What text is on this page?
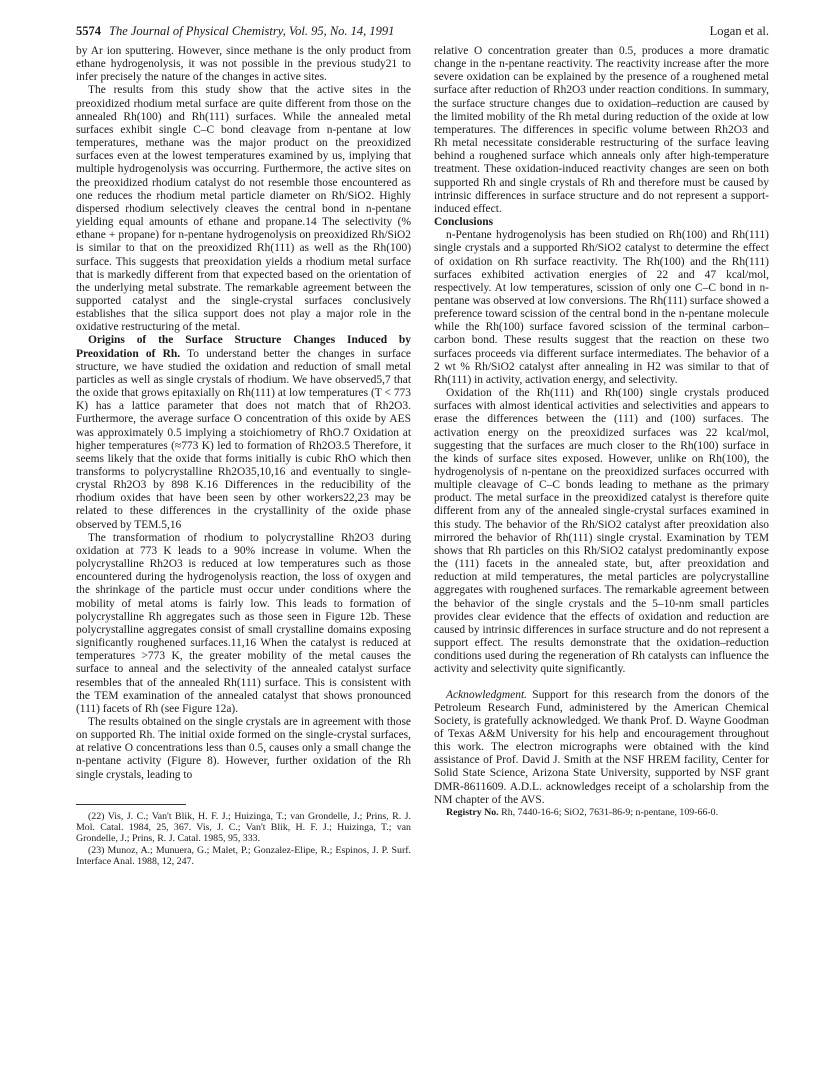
5574 The Journal of Physical Chemistry, Vol. 95, No. 14, 1991	Logan et al.

by Ar ion sputtering. However, since methane is the only product from ethane hydrogenolysis, it was not possible in the previous study21 to infer precisely the nature of the changes in active sites.

The results from this study show that the active sites in the preoxidized rhodium metal surface are quite different from those on the annealed Rh(100) and Rh(111) surfaces. While the annealed metal surfaces exhibit single C–C bond cleavage from n-pentane at low temperatures, methane was the major product on the preoxidized surfaces even at the lowest temperatures examined by us, implying that multiple hydrogenolysis was occurring. Furthermore, the active sites on the preoxidized rhodium catalyst do not resemble those encountered as one reduces the rhodium metal particle diameter on Rh/SiO2. Highly dispersed rhodium selectively cleaves the central bond in n-pentane yielding equal amounts of ethane and propane.14 The selectivity (% ethane + propane) for n-pentane hydrogenolysis on preoxidized Rh/SiO2 is similar to that on the preoxidized Rh(111) as well as the Rh(100) surface. This suggests that preoxidation yields a rhodium metal surface that is markedly different from that expected based on the orientation of the underlying metal substrate. The remarkable agreement between the supported catalyst and the single-crystal surfaces conclusively establishes that the silica support does not play a major role in the oxidative restructuring of the metal.

Origins of the Surface Structure Changes Induced by Preoxidation of Rh. To understand better the changes in surface structure, we have studied the oxidation and reduction of small metal particles as well as single crystals of rhodium. We have observed5,7 that the oxide that grows epitaxially on Rh(111) at low temperatures (T < 773 K) has a lattice parameter that does not match that of Rh2O3. Furthermore, the average surface O concentration of this oxide by AES was approximately 0.5 implying a stoichiometry of RhO.7 Oxidation at higher temperatures (≈773 K) led to formation of Rh2O3.5 Therefore, it seems likely that the oxide that forms initially is cubic RhO which then transforms to polycrystalline Rh2O35,10,16 and eventually to single-crystal Rh2O3 by 898 K.16 Differences in the reducibility of the rhodium oxides that have been seen by other workers22,23 may be related to these differences in the crystallinity of the oxide phase observed by TEM.5,16

The transformation of rhodium to polycrystalline Rh2O3 during oxidation at 773 K leads to a 90% increase in volume. When the polycrystalline Rh2O3 is reduced at low temperatures such as those encountered during the hydrogenolysis reaction, the loss of oxygen and the shrinkage of the particle must occur under conditions where the mobility of metal atoms is fairly low. This leads to formation of polycrystalline Rh aggregates such as those seen in Figure 12b. These polycrystalline aggregates consist of small crystalline domains exposing significantly roughened surfaces.11,16 When the catalyst is reduced at temperatures >773 K, the greater mobility of the metal causes the surface to anneal and the selectivity of the annealed catalyst surface resembles that of the annealed Rh(111) surface. This is consistent with the TEM examination of the annealed catalyst that shows pronounced (111) facets of Rh (see Figure 12a).

The results obtained on the single crystals are in agreement with those on supported Rh. The initial oxide formed on the single-crystal surfaces, at relative O concentrations less than 0.5, causes only a small change the n-pentane activity (Figure 8). However, further oxidation of the Rh single crystals, leading to

(22) Vis, J. C.; Van't Blik, H. F. J.; Huizinga, T.; van Grondelle, J.; Prins, R. J. Mol. Catal. 1984, 25, 367. Vis, J. C.; Van't Blik, H. F. J.; Huizinga, T.; van Grondelle, J.; Prins, R. J. Catal. 1985, 95, 333.

(23) Munoz, A.; Munuera, G.; Malet, P.; Gonzalez-Elipe, R.; Espinos, J. P. Surf. Interface Anal. 1988, 12, 247.

relative O concentration greater than 0.5, produces a more dramatic change in the n-pentane reactivity. The reactivity increase after the more severe oxidation can be explained by the presence of a roughened metal surface after reduction of Rh2O3 under reaction conditions. In summary, the surface structure changes due to oxidation–reduction are caused by the limited mobility of the Rh metal during reduction of the oxide at low temperatures. The differences in specific volume between Rh2O3 and Rh metal necessitate considerable restructuring of the surface leaving behind a roughened surface which anneals only after high-temperature treatment. These oxidation-induced reactivity changes are seen on both supported Rh and single crystals of Rh and therefore must be caused by intrinsic differences in surface structure and do not represent a support-induced effect.

Conclusions

n-Pentane hydrogenolysis has been studied on Rh(100) and Rh(111) single crystals and a supported Rh/SiO2 catalyst to determine the effect of oxidation on Rh surface reactivity. The Rh(100) and the Rh(111) surfaces exhibited activation energies of 22 and 47 kcal/mol, respectively. At low temperatures, scission of only one C–C bond in n-pentane was observed at low conversions. The Rh(111) surface showed a preference toward scission of the central bond in the n-pentane molecule while the Rh(100) surface favored scission of the terminal carbon–carbon bond. These results suggest that the reaction on these two surfaces proceeds via different surface intermediates. The behavior of a 2 wt % Rh/SiO2 catalyst after annealing in H2 was similar to that of Rh(111) in activity, activation energy, and selectivity.

Oxidation of the Rh(111) and Rh(100) single crystals produced surfaces with almost identical activities and selectivities and appears to erase the differences between the (111) and (100) surfaces. The activation energy on the preoxidized surfaces was 22 kcal/mol, suggesting that the surfaces are much closer to the Rh(100) surface in the kinds of surface sites exposed. However, unlike on Rh(100), the hydrogenolysis of n-pentane on the preoxidized surfaces occurred with multiple cleavage of C–C bonds leading to methane as the primary product. The metal surface in the preoxidized catalyst is therefore quite different from any of the annealed single-crystal surfaces examined in this study. The behavior of the Rh/SiO2 catalyst after preoxidation also mirrored the behavior of Rh(111) single crystal. Examination by TEM shows that Rh particles on this Rh/SiO2 catalyst predominantly expose the (111) facets in the annealed state, but, after preoxidation and reduction at mild temperatures, the metal particles are polycrystalline aggregates with roughened surfaces. The remarkable agreement between the behavior of the single crystals and the 5–10-nm small particles provides clear evidence that the effects of oxidation and reduction are caused by intrinsic differences in surface structure and do not represent a support effect. The results demonstrate that the oxidation–reduction conditions used during the regeneration of Rh catalysts can influence the activity and selectivity quite significantly.

Acknowledgment. Support for this research from the donors of the Petroleum Research Fund, administered by the American Chemical Society, is gratefully acknowledged. We thank Prof. D. Wayne Goodman of Texas A&M University for his help and encouragement throughout this work. The electron micrographs were obtained with the kind assistance of Prof. David J. Smith at the NSF HREM facility, Center for Solid State Science, Arizona State University, supported by NSF grant DMR-8611609. A.D.L. acknowledges receipt of a scholarship from the NM chapter of the AVS.

Registry No. Rh, 7440-16-6; SiO2, 7631-86-9; n-pentane, 109-66-0.
